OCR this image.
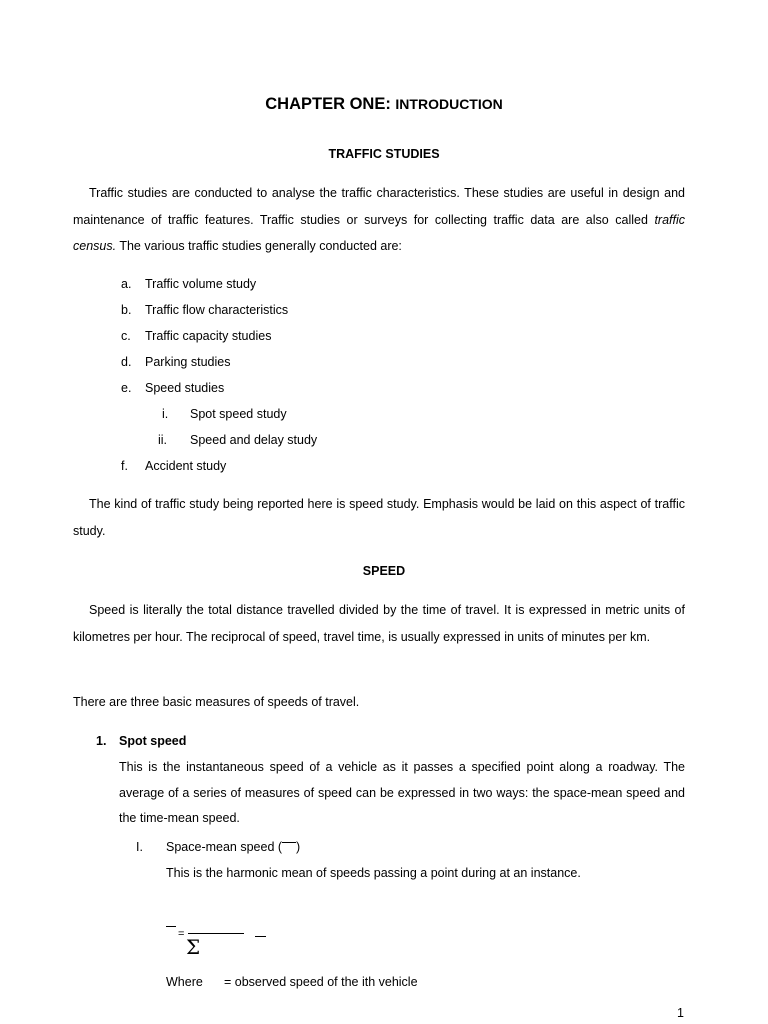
CHAPTER ONE: INTRODUCTION
TRAFFIC STUDIES
Traffic studies are conducted to analyse the traffic characteristics. These studies are useful in design and maintenance of traffic features. Traffic studies or surveys for collecting traffic data are also called traffic census. The various traffic studies generally conducted are:
a. Traffic volume study
b. Traffic flow characteristics
c. Traffic capacity studies
d. Parking studies
e. Speed studies
i. Spot speed study
ii. Speed and delay study
f. Accident study
The kind of traffic study being reported here is speed study. Emphasis would be laid on this aspect of traffic study.
SPEED
Speed is literally the total distance travelled divided by the time of travel. It is expressed in metric units of kilometres per hour. The reciprocal of speed, travel time, is usually expressed in units of minutes per km.
There are three basic measures of speeds of travel.
1. Spot speed
This is the instantaneous speed of a vehicle as it passes a specified point along a roadway. The average of a series of measures of speed can be expressed in two ways: the space-mean speed and the time-mean speed.
I. Space-mean speed ( )
This is the harmonic mean of speeds passing a point during at an instance.
=
Σ
Where = observed speed of the ith vehicle
1
